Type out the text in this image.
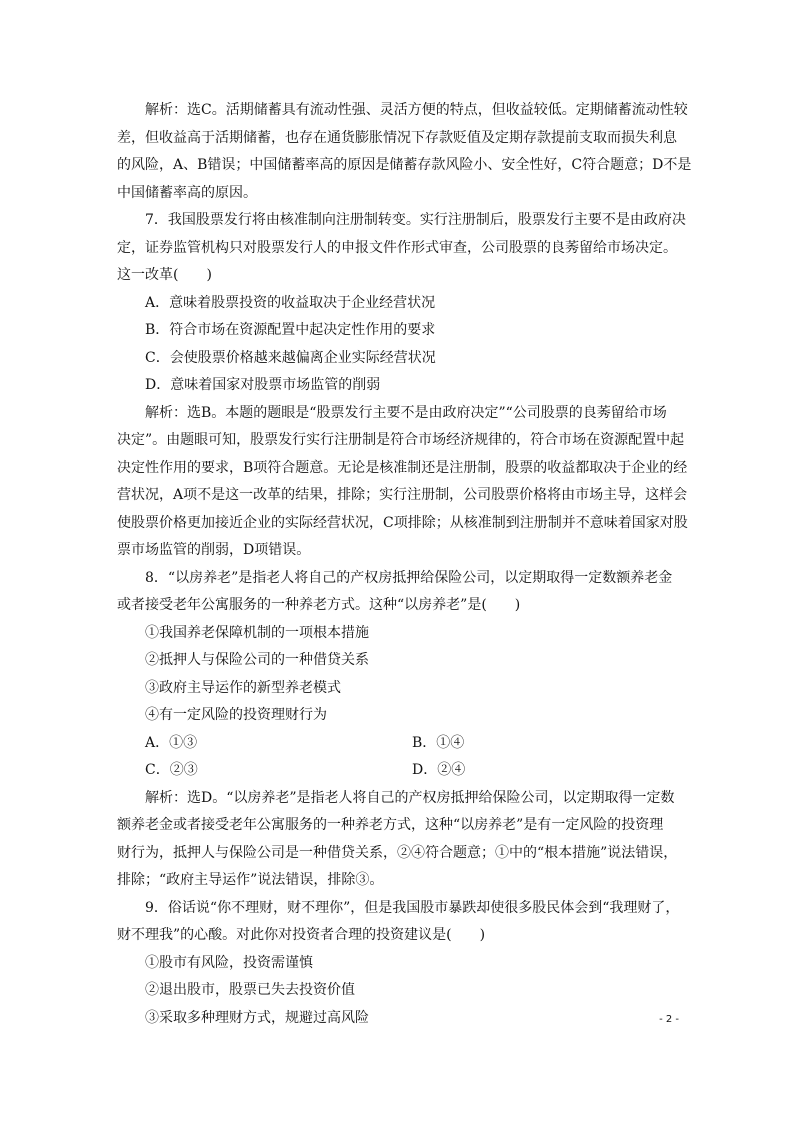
解析：选C。活期储蓄具有流动性强、灵活方便的特点，但收益较低。定期储蓄流动性较
差，但收益高于活期储蓄，也存在通货膨胀情况下存款贬值及定期存款提前支取而损失利息
的风险，A、B错误；中国储蓄率高的原因是储蓄存款风险小、安全性好，C符合题意；D不是
中国储蓄率高的原因。
7．我国股票发行将由核准制向注册制转变。实行注册制后，股票发行主要不是由政府决
定，证券监管机构只对股票发行人的申报文件作形式审查，公司股票的良莠留给市场决定。
这一改革(　　)
A．意味着股票投资的收益取决于企业经营状况
B．符合市场在资源配置中起决定性作用的要求
C．会使股票价格越来越偏离企业实际经营状况
D．意味着国家对股票市场监管的削弱
解析：选B。本题的题眼是“股票发行主要不是由政府决定”“公司股票的良莠留给市场
决定”。由题眼可知，股票发行实行注册制是符合市场经济规律的，符合市场在资源配置中起
决定性作用的要求，B项符合题意。无论是核准制还是注册制，股票的收益都取决于企业的经
营状况，A项不是这一改革的结果，排除；实行注册制，公司股票价格将由市场主导，这样会
使股票价格更加接近企业的实际经营状况，C项排除；从核准制到注册制并不意味着国家对股
票市场监管的削弱，D项错误。
8．“以房养老”是指老人将自己的产权房抵押给保险公司，以定期取得一定数额养老金
或者接受老年公寓服务的一种养老方式。这种“以房养老”是(　　)
①我国养老保障机制的一项根本措施
②抵押人与保险公司的一种借贷关系
③政府主导运作的新型养老模式
④有一定风险的投资理财行为
A．①③	B．①④
C．②③	D．②④
解析：选D。“以房养老”是指老人将自己的产权房抵押给保险公司，以定期取得一定数
额养老金或者接受老年公寓服务的一种养老方式，这种“以房养老”是有一定风险的投资理
财行为，抵押人与保险公司是一种借贷关系，②④符合题意；①中的“根本措施”说法错误，
排除；“政府主导运作”说法错误，排除③。
9．俗话说“你不理财，财不理你”，但是我国股市暴跌却使很多股民体会到“我理财了，
财不理我”的心酸。对此你对投资者合理的投资建议是(　　)
①股市有风险，投资需谨慎
②退出股市，股票已失去投资价值
③采取多种理财方式，规避过高风险	- 2 -
